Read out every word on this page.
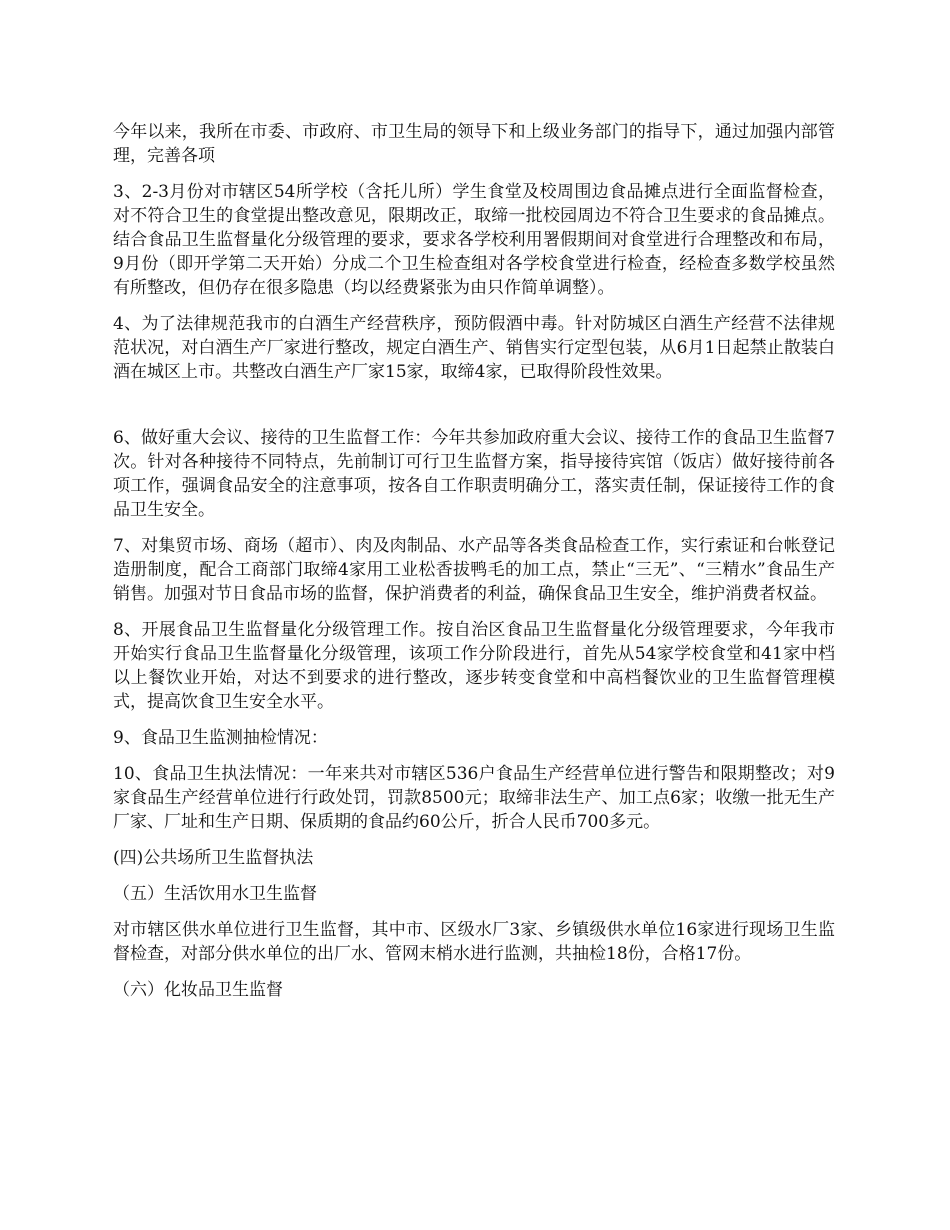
今年以来，我所在市委、市政府、市卫生局的领导下和上级业务部门的指导下，通过加强内部管理，完善各项

3、2-3月份对市辖区54所学校（含托儿所）学生食堂及校周围边食品摊点进行全面监督检查，对不符合卫生的食堂提出整改意见，限期改正，取缔一批校园周边不符合卫生要求的食品摊点。结合食品卫生监督量化分级管理的要求，要求各学校利用署假期间对食堂进行合理整改和布局，9月份（即开学第二天开始）分成二个卫生检查组对各学校食堂进行检查，经检查多数学校虽然有所整改，但仍存在很多隐患（均以经费紧张为由只作简单调整）。

4、为了法律规范我市的白酒生产经营秩序，预防假酒中毒。针对防城区白酒生产经营不法律规范状况，对白酒生产厂家进行整改，规定白酒生产、销售实行定型包装，从6月1日起禁止散装白酒在城区上市。共整改白酒生产厂家15家，取缔4家，已取得阶段性效果。

6、做好重大会议、接待的卫生监督工作：今年共参加政府重大会议、接待工作的食品卫生监督7次。针对各种接待不同特点，先前制订可行卫生监督方案，指导接待宾馆（饭店）做好接待前各项工作，强调食品安全的注意事项，按各自工作职责明确分工，落实责任制，保证接待工作的食品卫生安全。

7、对集贸市场、商场（超市）、肉及肉制品、水产品等各类食品检查工作，实行索证和台帐登记造册制度，配合工商部门取缔4家用工业松香拔鸭毛的加工点，禁止“三无”、“三精水”食品生产销售。加强对节日食品市场的监督，保护消费者的利益，确保食品卫生安全，维护消费者权益。

8、开展食品卫生监督量化分级管理工作。按自治区食品卫生监督量化分级管理要求，今年我市开始实行食品卫生监督量化分级管理，该项工作分阶段进行，首先从54家学校食堂和41家中档以上餐饮业开始，对达不到要求的进行整改，逐步转变食堂和中高档餐饮业的卫生监督管理模式，提高饮食卫生安全水平。

9、食品卫生监测抽检情况：

10、食品卫生执法情况：一年来共对市辖区536户食品生产经营单位进行警告和限期整改；对9家食品生产经营单位进行行政处罚，罚款8500元；取缔非法生产、加工点6家；收缴一批无生产厂家、厂址和生产日期、保质期的食品约60公斤，折合人民币700多元。

(四)公共场所卫生监督执法

（五）生活饮用水卫生监督

对市辖区供水单位进行卫生监督，其中市、区级水厂3家、乡镇级供水单位16家进行现场卫生监督检查，对部分供水单位的出厂水、管网末梢水进行监测，共抽检18份，合格17份。

（六）化妆品卫生监督
